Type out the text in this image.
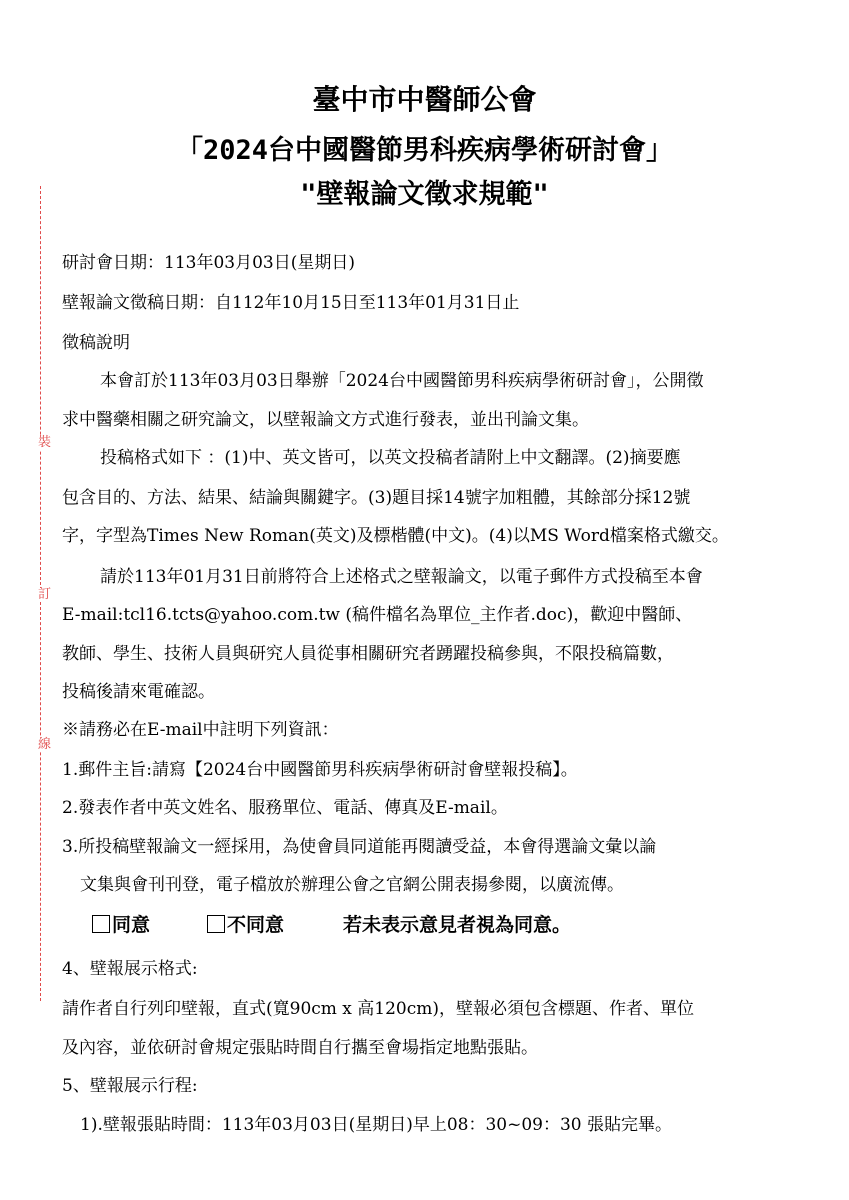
臺中市中醫師公會
「2024台中國醫節男科疾病學術研討會」
"壁報論文徵求規範"
裝
訂
線
研討會日期：113年03月03日(星期日)
壁報論文徵稿日期：自112年10月15日至113年01月31日止
徵稿說明
本會訂於113年03月03日舉辦「2024台中國醫節男科疾病學術研討會」，公開徵
求中醫藥相關之研究論文，以壁報論文方式進行發表，並出刊論文集。
投稿格式如下 ：(1)中、英文皆可，以英文投稿者請附上中文翻譯。(2)摘要應
包含目的、方法、結果、結論與關鍵字。(3)題目採14號字加粗體，其餘部分採12號
字，字型為Times New Roman(英文)及標楷體(中文)。(4)以MS Word檔案格式繳交。
請於113年01月31日前將符合上述格式之壁報論文，以電子郵件方式投稿至本會
E-mail:tcl16.tcts@yahoo.com.tw (稿件檔名為單位_主作者.doc)，歡迎中醫師、
教師、學生、技術人員與研究人員從事相關研究者踴躍投稿參與，不限投稿篇數，
投稿後請來電確認。
※請務必在E-mail中註明下列資訊：
1.郵件主旨:請寫【2024台中國醫節男科疾病學術研討會壁報投稿】。
2.發表作者中英文姓名、服務單位、電話、傳真及E-mail。
3.所投稿壁報論文一經採用，為使會員同道能再閱讀受益，本會得選論文彙以論
文集與會刊刊登，電子檔放於辦理公會之官網公開表揚參閱，以廣流傳。
同意	不同意	若未表示意見者視為同意。
4、壁報展示格式:
請作者自行列印壁報，直式(寬90cm x 高120cm)，壁報必須包含標題、作者、單位
及內容，並依研討會規定張貼時間自行攜至會場指定地點張貼。
5、壁報展示行程:
1).壁報張貼時間：113年03月03日(星期日)早上08：30~09：30 張貼完畢。
